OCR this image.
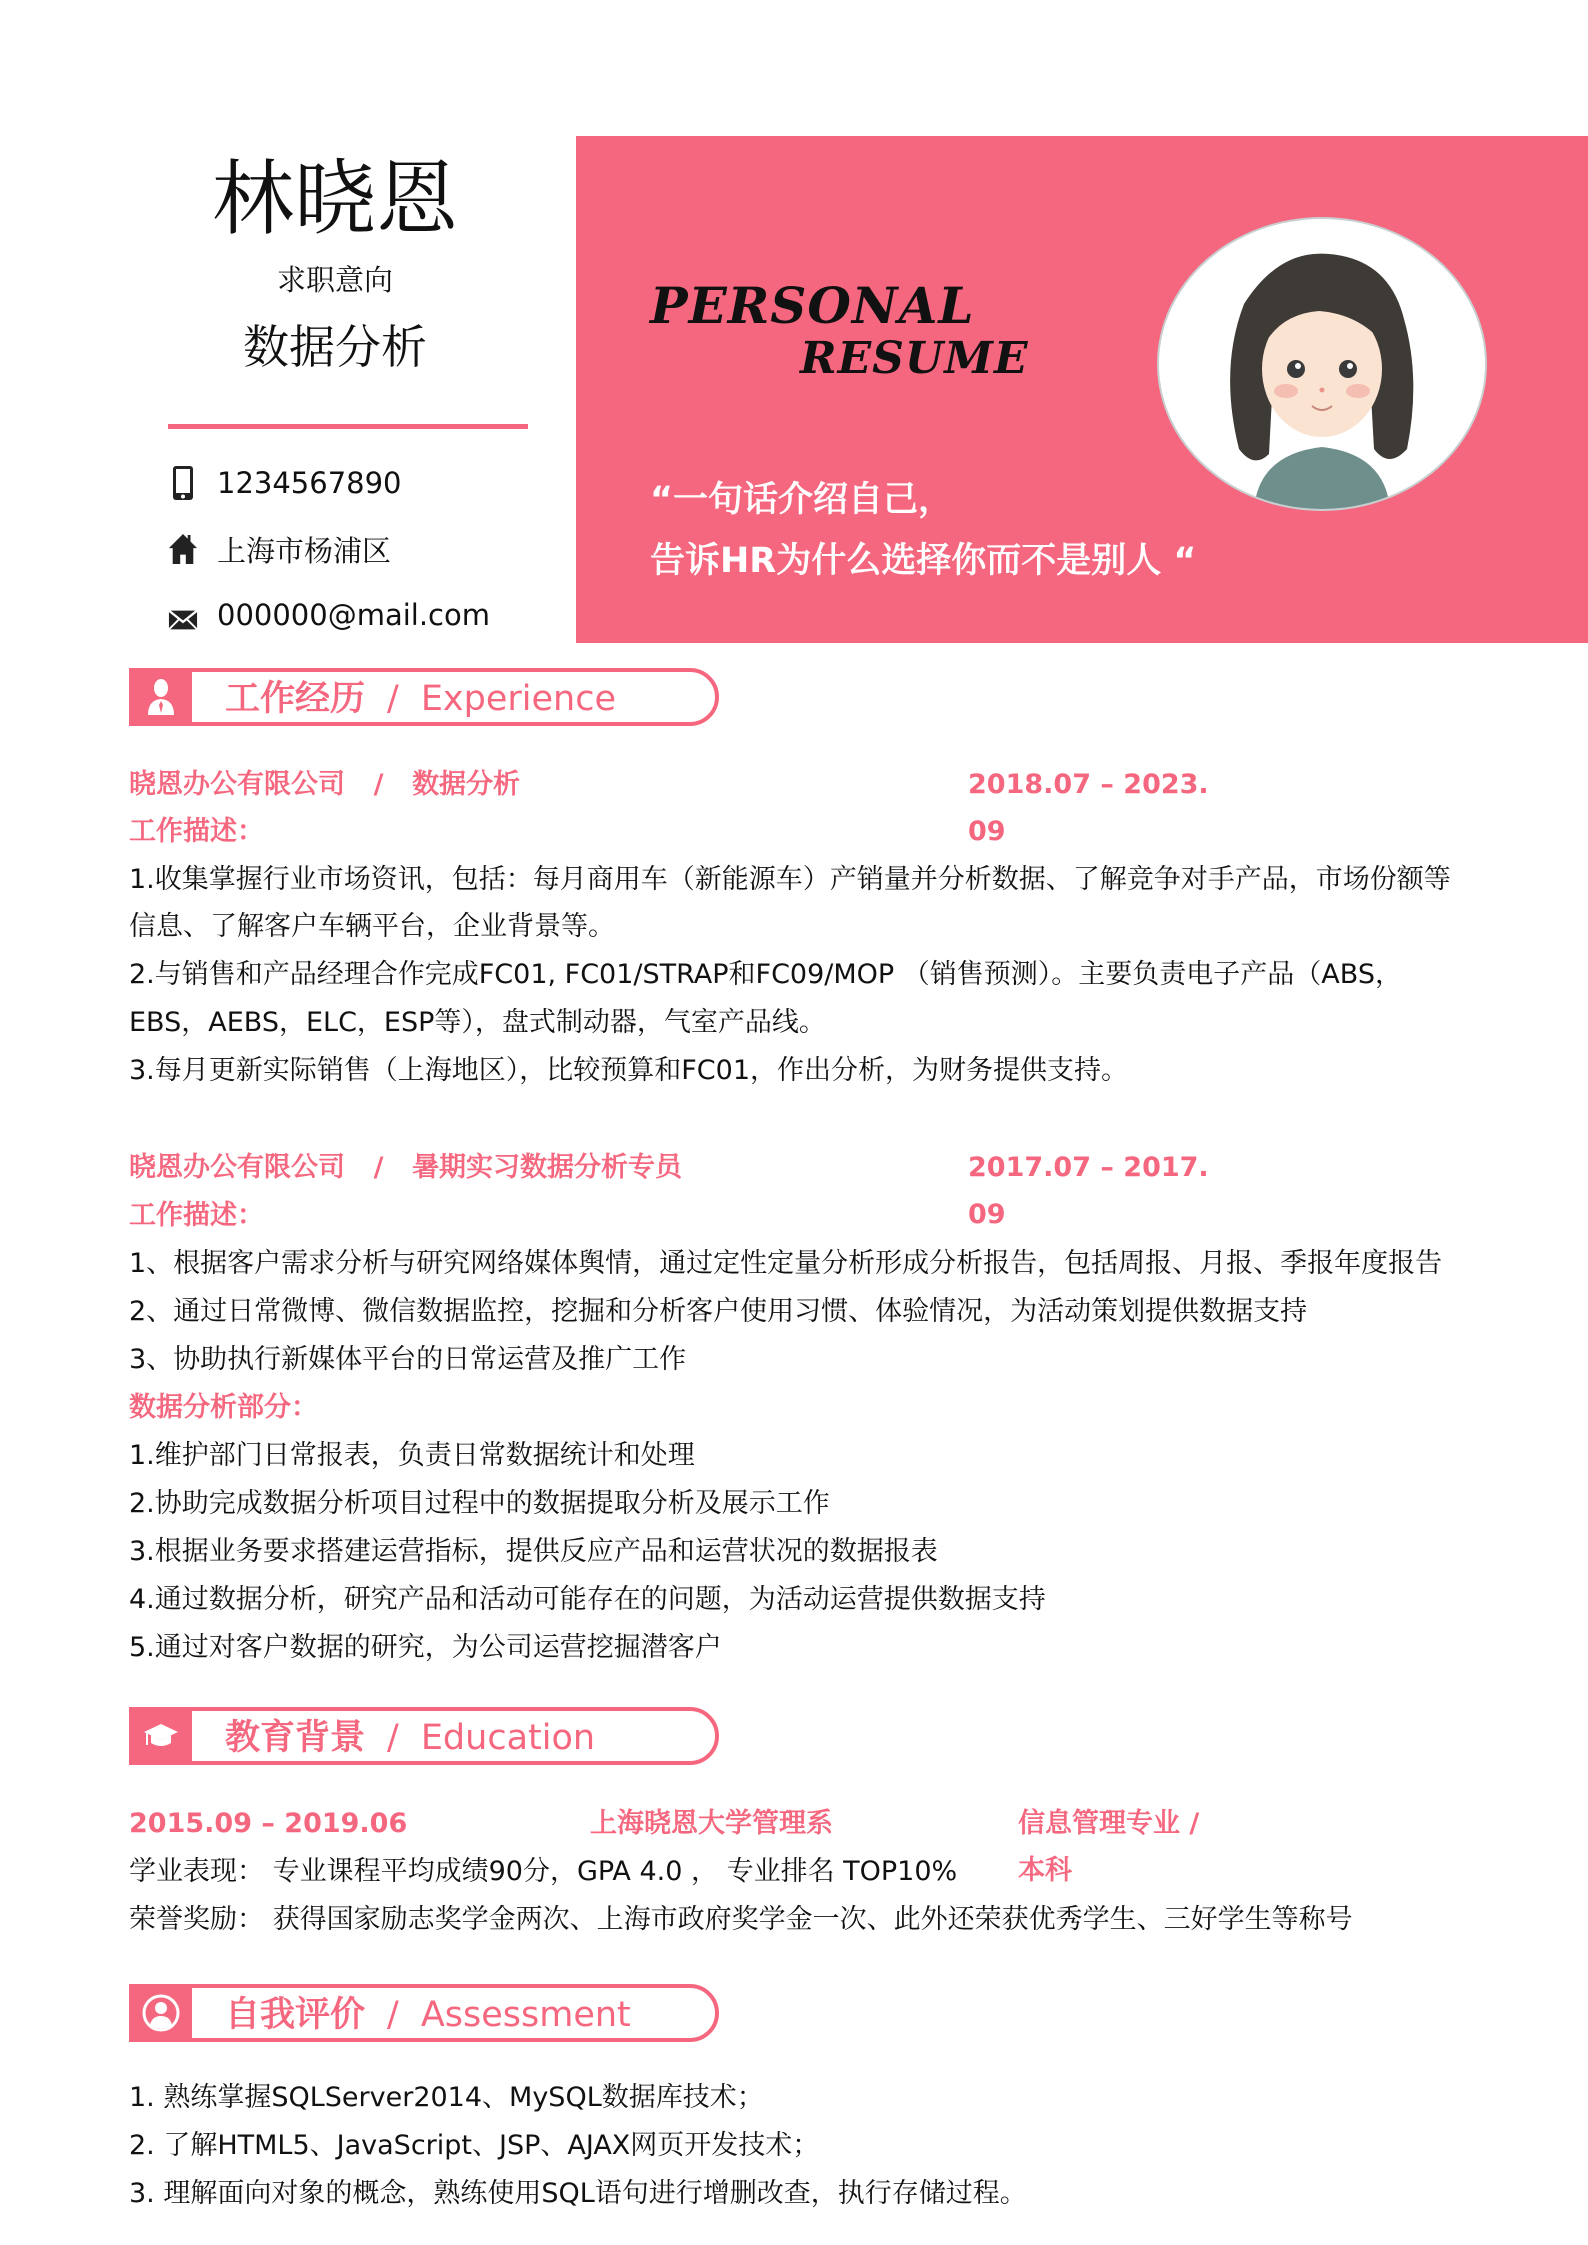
林晓恩
求职意向
数据分析
1234567890
上海市杨浦区
000000@mail.com
PERSONAL
RESUME
“一句话介绍自己，
告诉HR为什么选择你而不是别人 “
工作经历 / Experience
晓恩办公有限公司 / 数据分析	2018.07 – 2023. 09
工作描述：
1.收集掌握行业市场资讯，包括：每月商用车（新能源车）产销量并分析数据、了解竞争对手产品，市场份额等
信息、了解客户车辆平台，企业背景等。
2.与销售和产品经理合作完成FC01, FC01/STRAP和FC09/MOP （销售预测）。主要负责电子产品（ABS，
EBS，AEBS，ELC，ESP等），盘式制动器，气室产品线。
3.每月更新实际销售（上海地区），比较预算和FC01，作出分析，为财务提供支持。
晓恩办公有限公司 / 暑期实习数据分析专员	2017.07 – 2017. 09
工作描述：
1、根据客户需求分析与研究网络媒体舆情，通过定性定量分析形成分析报告，包括周报、月报、季报年度报告
2、通过日常微博、微信数据监控，挖掘和分析客户使用习惯、体验情况，为活动策划提供数据支持
3、协助执行新媒体平台的日常运营及推广工作
数据分析部分：
1.维护部门日常报表，负责日常数据统计和处理
2.协助完成数据分析项目过程中的数据提取分析及展示工作
3.根据业务要求搭建运营指标，提供反应产品和运营状况的数据报表
4.通过数据分析，研究产品和活动可能存在的问题，为活动运营提供数据支持
5.通过对客户数据的研究，为公司运营挖掘潜客户
教育背景 / Education
2015.09 – 2019.06	上海晓恩大学管理系	信息管理专业 / 本科
学业表现： 专业课程平均成绩90分，GPA 4.0 ， 专业排名 TOP10%
荣誉奖励： 获得国家励志奖学金两次、上海市政府奖学金一次、此外还荣获优秀学生、三好学生等称号
自我评价 / Assessment
1. 熟练掌握SQLServer2014、MySQL数据库技术；
2. 了解HTML5、JavaScript、JSP、AJAX网页开发技术；
3. 理解面向对象的概念，熟练使用SQL语句进行增删改查，执行存储过程。
